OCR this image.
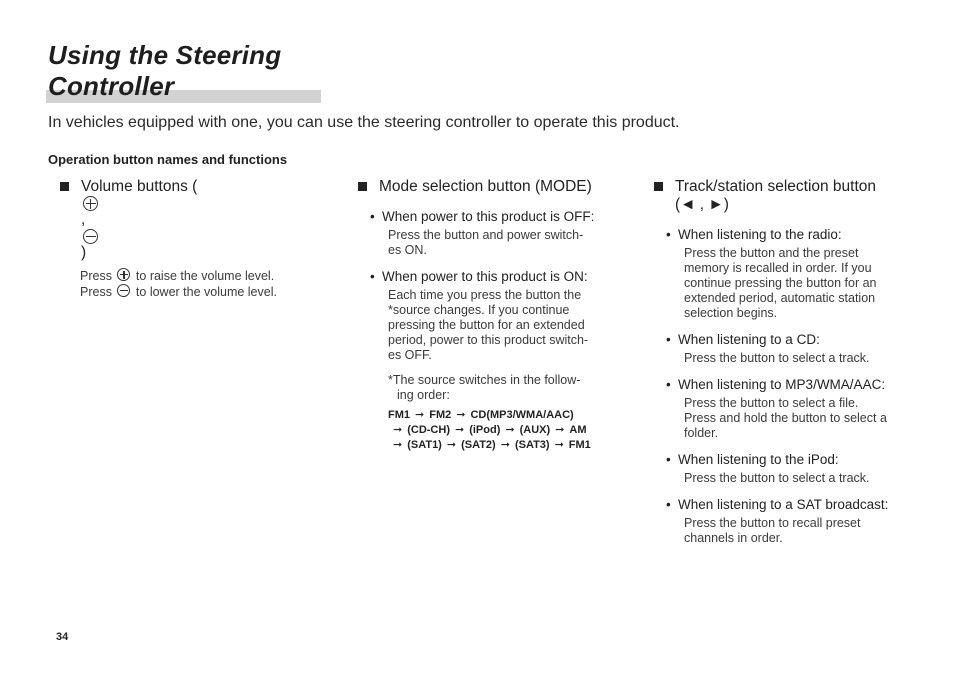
Using the Steering
Controller

In vehicles equipped with one, you can use the steering controller to operate this product.

Operation button names and functions

Volume buttons (
,
)
Press to raise the volume level.
Press to lower the volume level.
Mode selection button (MODE)
• When power to this product is OFF:
Press the button and power switch-
es ON.
• When power to this product is ON:
Each time you press the button the
*source changes. If you continue
pressing the button for an extended
period, power to this product switch-
es OFF.
*The source switches in the follow-
ing order:
FM1 ➞ FM2 ➞ CD(MP3/WMA/AAC)
➞ (CD-CH) ➞ (iPod) ➞ (AUX) ➞ AM
➞ (SAT1) ➞ (SAT2) ➞ (SAT3) ➞ FM1
Track/station selection button
(◄ , ►)
• When listening to the radio:
Press the button and the preset
memory is recalled in order. If you
continue pressing the button for an
extended period, automatic station
selection begins.
• When listening to a CD:
Press the button to select a track.
• When listening to MP3/WMA/AAC:
Press the button to select a file.
Press and hold the button to select a
folder.
• When listening to the iPod:
Press the button to select a track.
• When listening to a SAT broadcast:
Press the button to recall preset
channels in order.
34
